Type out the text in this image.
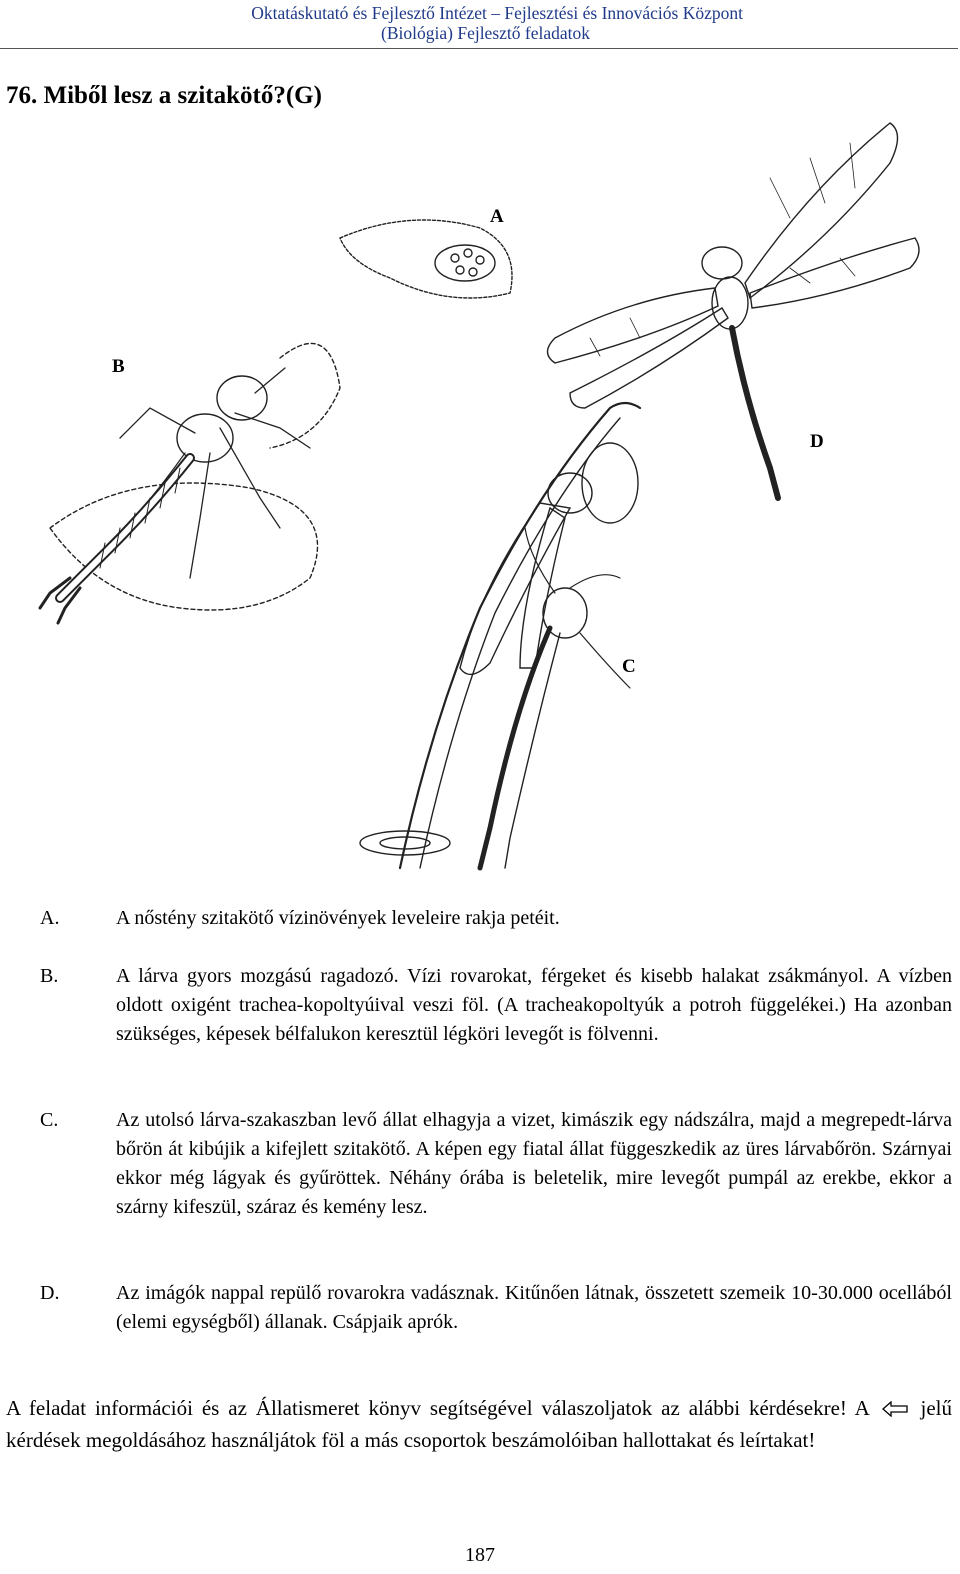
Oktatáskutató és Fejlesztő Intézet – Fejlesztési és Innovációs Központ
(Biológia) Fejlesztő feladatok
76. Miből lesz a szitakötő?(G)
A
B
C
D
A.	A nőstény szitakötő vízinövények leveleire rakja petéit.
B.	A lárva gyors mozgású ragadozó. Vízi rovarokat, férgeket és kisebb halakat zsákmányol. A vízben oldott oxigént trachea-kopoltyúival veszi föl. (A tracheakopoltyúk a potroh függelékei.) Ha azonban szükséges, képesek bélfalukon keresztül légköri levegőt is fölvenni.
C.	Az utolsó lárva-szakaszban levő állat elhagyja a vizet, kimászik egy nádszálra, majd a megrepedt-lárva bőrön át kibújik a kifejlett szitakötő. A képen egy fiatal állat függeszkedik az üres lárvabőrön. Szárnyai ekkor még lágyak és gyűröttek. Néhány órába is beletelik, mire levegőt pumpál az erekbe, ekkor a szárny kifeszül, száraz és kemény lesz.
D.	Az imágók nappal repülő rovarokra vadásznak. Kitűnően látnak, összetett szemeik 10-30.000 ocellából (elemi egységből) állanak. Csápjaik aprók.
A feladat információi és az Állatismeret könyv segítségével válaszoljatok az alábbi kérdésekre! A jelű kérdések megoldásához használjátok föl a más csoportok beszámolóiban hallottakat és leírtakat!
187
